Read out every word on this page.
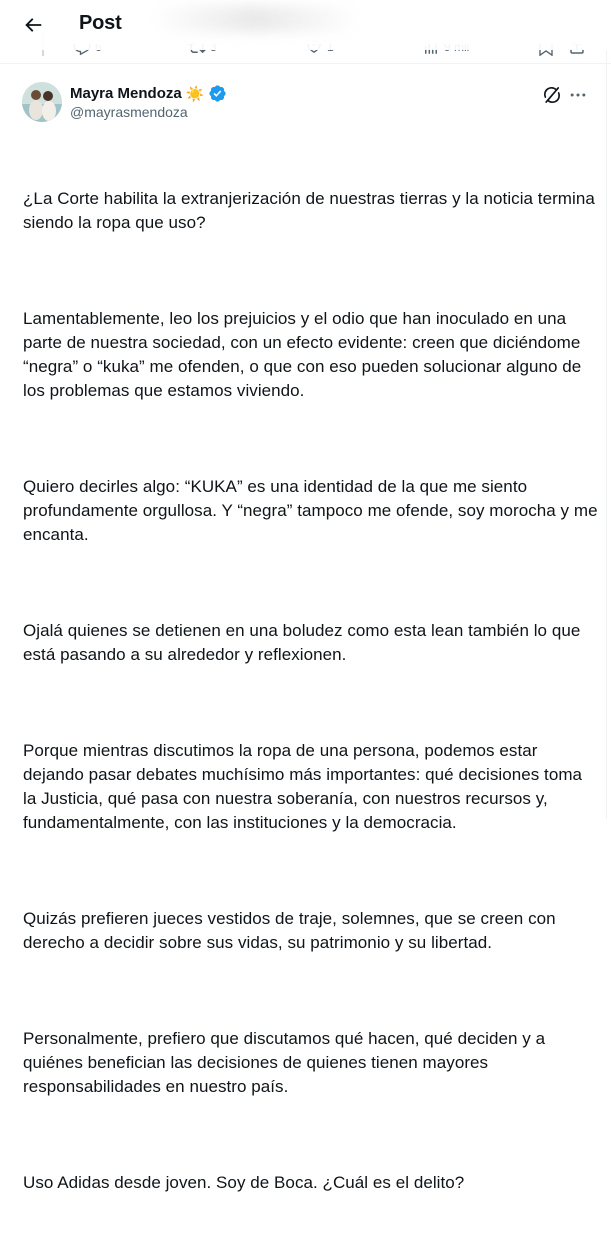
Post
Mayra Mendoza ☀️
@mayrasmendoza

¿La Corte habilita la extranjerización de nuestras tierras y la noticia termina siendo la ropa que uso?

Lamentablemente, leo los prejuicios y el odio que han inoculado en una parte de nuestra sociedad, con un efecto evidente: creen que diciéndome “negra” o “kuka” me ofenden, o que con eso pueden solucionar alguno de los problemas que estamos viviendo.

Quiero decirles algo: “KUKA” es una identidad de la que me siento profundamente orgullosa. Y “negra” tampoco me ofende, soy morocha y me encanta.

Ojalá quienes se detienen en una boludez como esta lean también lo que está pasando a su alrededor y reflexionen.

Porque mientras discutimos la ropa de una persona, podemos estar dejando pasar debates muchísimo más importantes: qué decisiones toma la Justicia, qué pasa con nuestra soberanía, con nuestros recursos y, fundamentalmente, con las instituciones y la democracia.

Quizás prefieren jueces vestidos de traje, solemnes, que se creen con derecho a decidir sobre sus vidas, su patrimonio y su libertad.

Personalmente, prefiero que discutamos qué hacen, qué deciden y a quiénes benefician las decisiones de quienes tienen mayores responsabilidades en nuestro país.

Uso Adidas desde joven. Soy de Boca. ¿Cuál es el delito?
